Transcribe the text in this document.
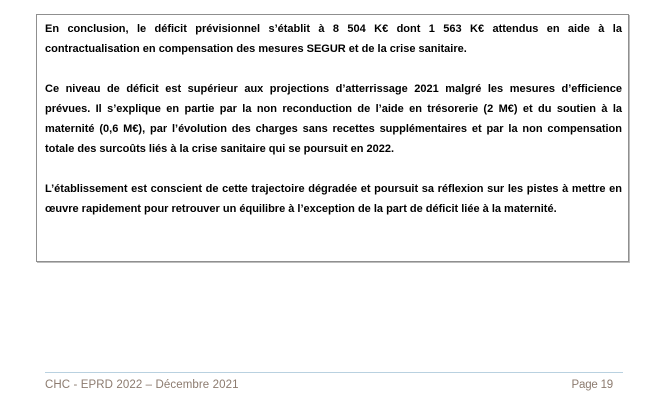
En conclusion, le déficit prévisionnel s’établit à 8 504 K€ dont 1 563 K€ attendus en aide à la contractualisation en compensation des mesures SEGUR et de la crise sanitaire.

Ce niveau de déficit est supérieur aux projections d’atterrissage 2021 malgré les mesures d’efficience prévues. Il s’explique en partie par la non reconduction de l’aide en trésorerie (2 M€) et du soutien à la maternité (0,6 M€), par l’évolution des charges sans recettes supplémentaires et par la non compensation totale des surcoûts liés à la crise sanitaire qui se poursuit en 2022.

L’établissement est conscient de cette trajectoire dégradée et poursuit sa réflexion sur les pistes à mettre en œuvre rapidement pour retrouver un équilibre à l’exception de la part de déficit liée à la maternité.

CHC - EPRD 2022 – Décembre 2021	Page 19
